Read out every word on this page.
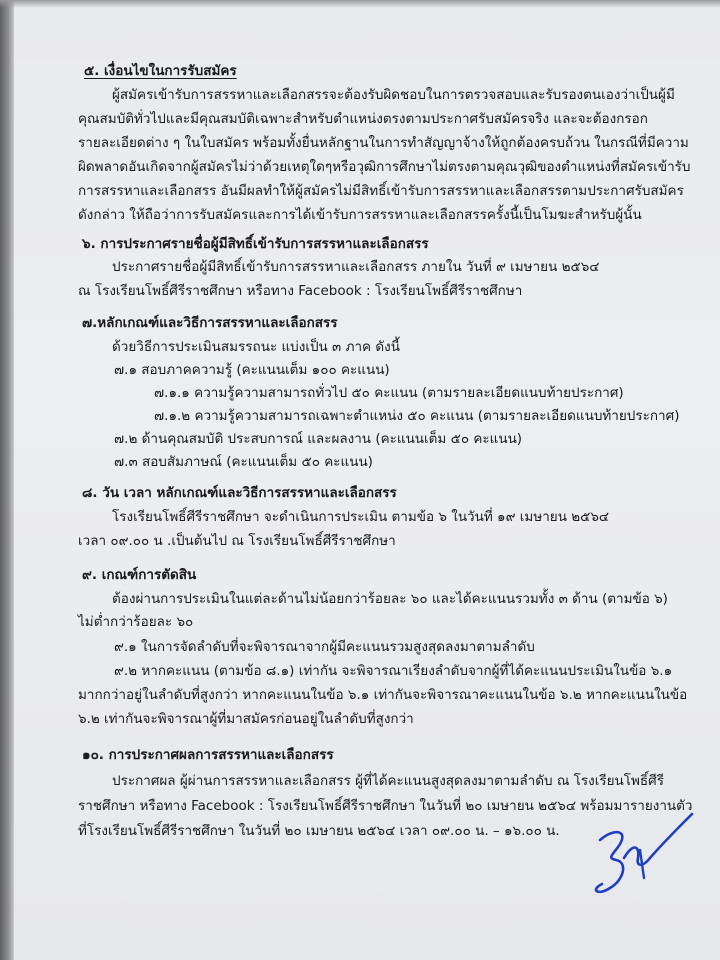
๕. เงื่อนไขในการรับสมัคร
ผู้สมัครเข้ารับการสรรหาและเลือกสรรจะต้องรับผิดชอบในการตรวจสอบและรับรองตนเองว่าเป็นผู้มี
คุณสมบัติทั่วไปและมีคุณสมบัติเฉพาะสำหรับตำแหน่งตรงตามประกาศรับสมัครจริง และจะต้องกรอก
รายละเอียดต่าง ๆ ในใบสมัคร พร้อมทั้งยื่นหลักฐานในการทำสัญญาจ้างให้ถูกต้องครบถ้วน ในกรณีที่มีความ
ผิดพลาดอันเกิดจากผู้สมัครไม่ว่าด้วยเหตุใดๆหรือวุฒิการศึกษาไม่ตรงตามคุณวุฒิของตำแหน่งที่สมัครเข้ารับ
การสรรหาและเลือกสรร อันมีผลทำให้ผู้สมัครไม่มีสิทธิ์เข้ารับการสรรหาและเลือกสรรตามประกาศรับสมัคร
ดังกล่าว ให้ถือว่าการรับสมัครและการได้เข้ารับการสรรหาและเลือกสรรครั้งนี้เป็นโมฆะสำหรับผู้นั้น
๖. การประกาศรายชื่อผู้มีสิทธิ์เข้ารับการสรรหาและเลือกสรร
ประกาศรายชื่อผู้มีสิทธิ์เข้ารับการสรรหาและเลือกสรร ภายใน วันที่ ๙ เมษายน ๒๕๖๔
ณ โรงเรียนโพธิ์ศีรีราชศึกษา หรือทาง Facebook : โรงเรียนโพธิ์ศีรีราชศึกษา
๗.หลักเกณฑ์และวิธีการสรรหาและเลือกสรร
ด้วยวิธีการประเมินสมรรถนะ แบ่งเป็น ๓ ภาค ดังนี้
๗.๑ สอบภาคความรู้ (คะแนนเต็ม ๑๐๐ คะแนน)
๗.๑.๑ ความรู้ความสามารถทั่วไป ๕๐ คะแนน (ตามรายละเอียดแนบท้ายประกาศ)
๗.๑.๒ ความรู้ความสามารถเฉพาะตำแหน่ง ๕๐ คะแนน (ตามรายละเอียดแนบท้ายประกาศ)
๗.๒ ด้านคุณสมบัติ ประสบการณ์ และผลงาน (คะแนนเต็ม ๕๐ คะแนน)
๗.๓ สอบสัมภาษณ์ (คะแนนเต็ม ๕๐ คะแนน)
๘. วัน เวลา หลักเกณฑ์และวิธีการสรรหาและเลือกสรร
โรงเรียนโพธิ์ศีรีราชศึกษา จะดำเนินการประเมิน ตามข้อ ๖ ในวันที่ ๑๙ เมษายน ๒๕๖๔
เวลา ๐๙.๐๐ น .เป็นต้นไป ณ โรงเรียนโพธิ์ศีรีราชศึกษา
๙. เกณฑ์การตัดสิน
ต้องผ่านการประเมินในแต่ละด้านไม่น้อยกว่าร้อยละ ๖๐ และได้คะแนนรวมทั้ง ๓ ด้าน (ตามข้อ ๖)
ไม่ต่ำกว่าร้อยละ ๖๐
๙.๑ ในการจัดลำดับที่จะพิจารณาจากผู้มีคะแนนรวมสูงสุดลงมาตามลำดับ
๙.๒ หากคะแนน (ตามข้อ ๘.๑) เท่ากัน จะพิจารณาเรียงลำดับจากผู้ที่ได้คะแนนประเมินในข้อ ๖.๑
มากกว่าอยู่ในลำดับที่สูงกว่า หากคะแนนในข้อ ๖.๑ เท่ากันจะพิจารณาคะแนนในข้อ ๖.๒ หากคะแนนในข้อ
๖.๒ เท่ากันจะพิจารณาผู้ที่มาสมัครก่อนอยู่ในลำดับที่สูงกว่า
๑๐. การประกาศผลการสรรหาและเลือกสรร
ประกาศผล ผู้ผ่านการสรรหาและเลือกสรร ผู้ที่ได้คะแนนสูงสุดลงมาตามลำดับ ณ โรงเรียนโพธิ์ศีรี
ราชศึกษา หรือทาง Facebook : โรงเรียนโพธิ์ศีรีราชศึกษา ในวันที่ ๒๐ เมษายน ๒๕๖๔ พร้อมมารายงานตัว
ที่โรงเรียนโพธิ์ศีรีราชศึกษา ในวันที่ ๒๐ เมษายน ๒๕๖๔ เวลา ๐๙.๐๐ น. – ๑๖.๐๐ น.
